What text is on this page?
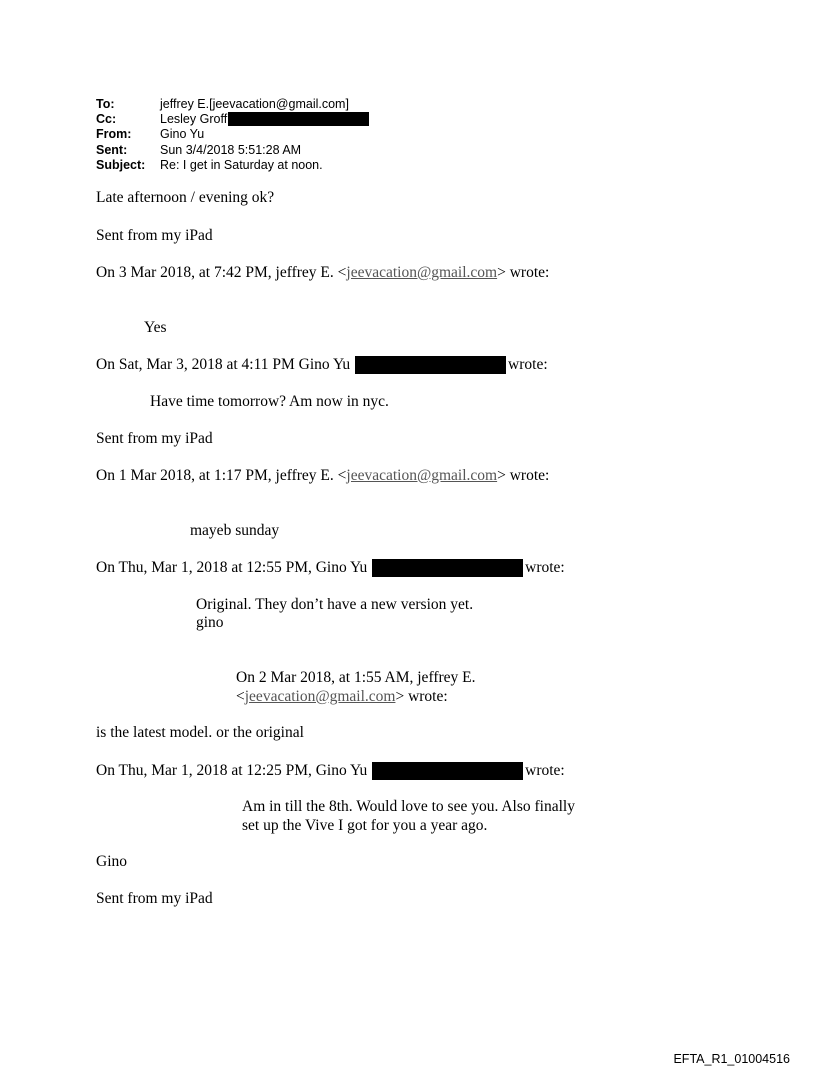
To:	jeffrey E.[jeevacation@gmail.com]
Cc:	Lesley Groff
From:	Gino Yu
Sent:	Sun 3/4/2018 5:51:28 AM
Subject:	Re: I get in Saturday at noon.
Late afternoon / evening ok?
Sent from my iPad
On 3 Mar 2018, at 7:42 PM, jeffrey E. <jeevacation@gmail.com> wrote:
Yes
On Sat, Mar 3, 2018 at 4:11 PM Gino Yu	wrote:
Have time tomorrow? Am now in nyc.
Sent from my iPad
On 1 Mar 2018, at 1:17 PM, jeffrey E. <jeevacation@gmail.com> wrote:
mayeb sunday
On Thu, Mar 1, 2018 at 12:55 PM, Gino Yu	wrote:
Original. They don’t have a new version yet.
gino
On 2 Mar 2018, at 1:55 AM, jeffrey E.
<jeevacation@gmail.com> wrote:
is the latest model. or the original
On Thu, Mar 1, 2018 at 12:25 PM, Gino Yu	wrote:
Am in till the 8th. Would love to see you. Also finally
set up the Vive I got for you a year ago.
Gino
Sent from my iPad
EFTA_R1_01004516
